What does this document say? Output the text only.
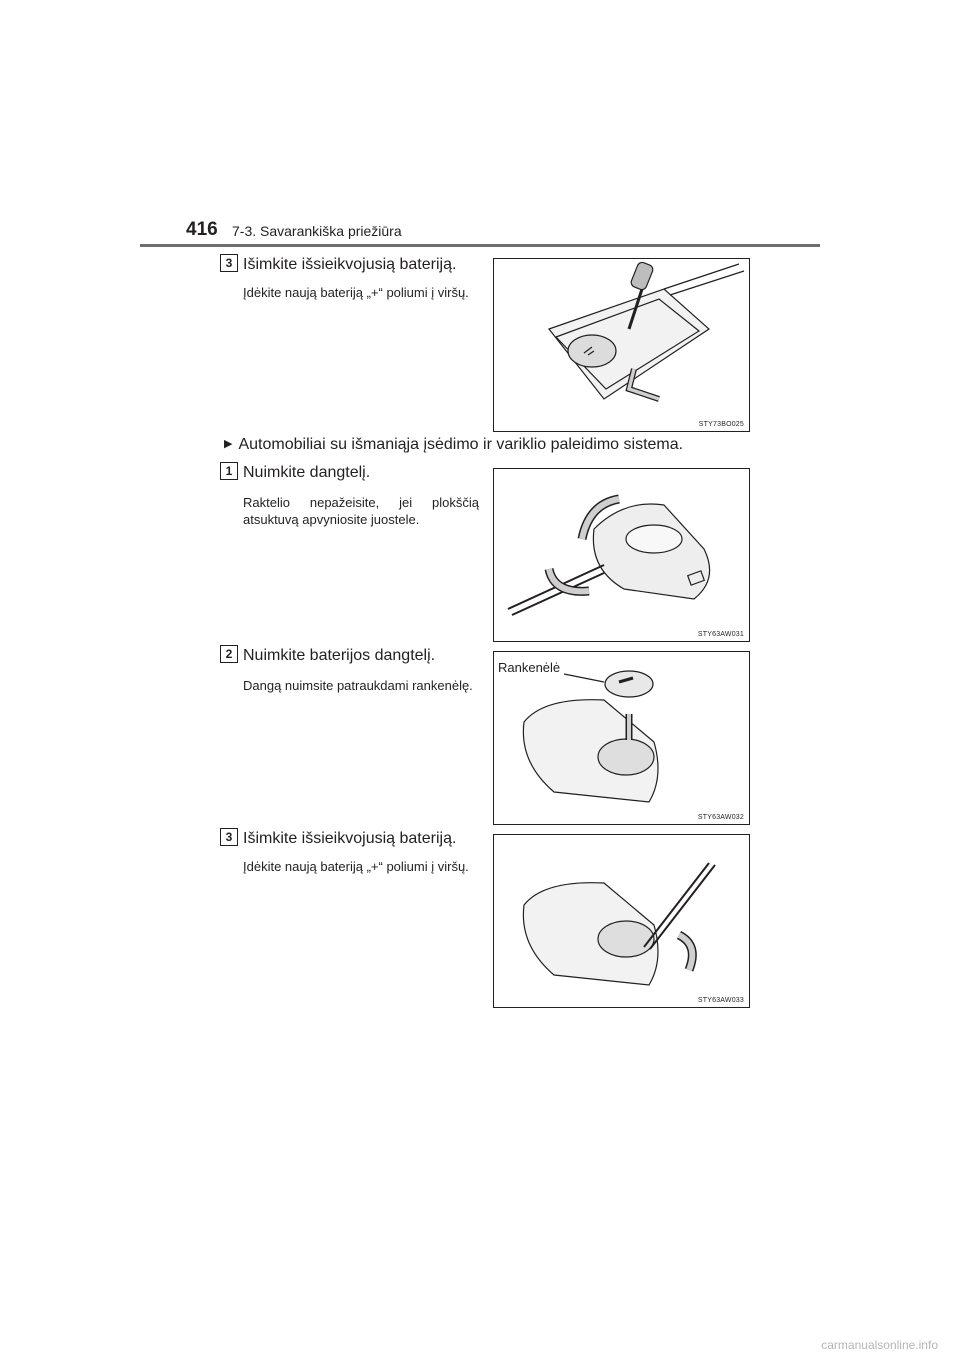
416 7-3. Savarankiška priežiūra
3 Išimkite išsieikvojusią bateriją.
Įdėkite naują bateriją „+“ poliumi į viršų.
STY73BO025
▶ Automobiliai su išmaniąja įsėdimo ir variklio paleidimo sistema.
1 Nuimkite dangtelį.
Raktelio nepažeisite, jei plokščią atsuktuvą apvyniosite juostele.
STY63AW031
2 Nuimkite baterijos dangtelį.
Dangą nuimsite patraukdami rankenėlę.
Rankenėlė
STY63AW032
3 Išimkite išsieikvojusią bateriją.
Įdėkite naują bateriją „+“ poliumi į viršų.
STY63AW033
carmanualsonline.info
